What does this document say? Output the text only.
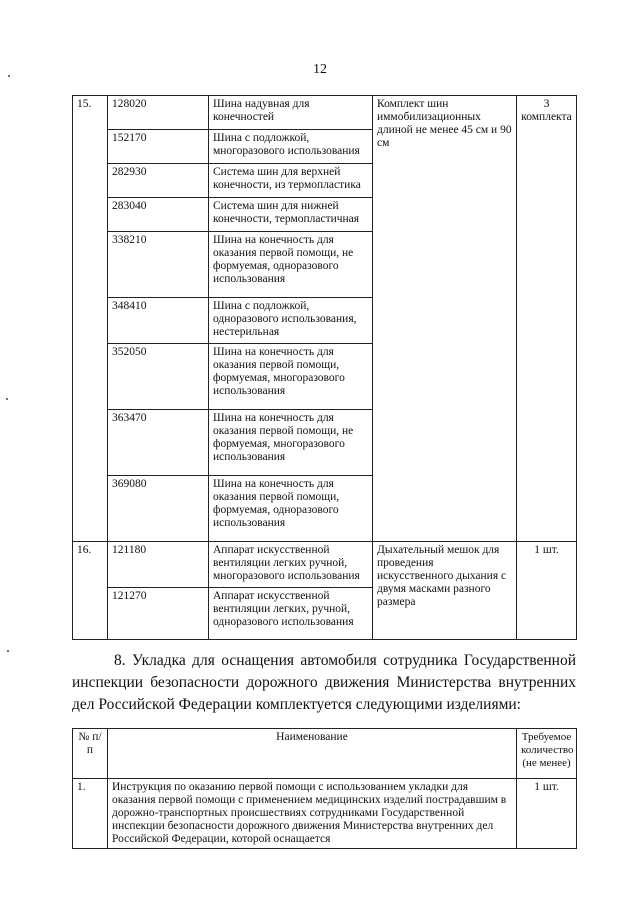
12
15.	128020	Шина надувная для конечностей	Комплект шин иммобилизационных длиной не менее 45 см и 90 см	3 комплекта
	152170	Шина с подложкой, многоразового использования		
	282930	Система шин для верхней конечности, из термопластика		
	283040	Система шин для нижней конечности, термопластичная		
	338210	Шина на конечность для оказания первой помощи, не формуемая, одноразового использования		
	348410	Шина с подложкой, одноразового использования, нестерильная		
	352050	Шина на конечность для оказания первой помощи, формуемая, многоразового использования		
	363470	Шина на конечность для оказания первой помощи, не формуемая, многоразового использования		
	369080	Шина на конечность для оказания первой помощи, формуемая, одноразового использования		
16.	121180	Аппарат искусственной вентиляции легких ручной, многоразового использования	Дыхательный мешок для проведения искусственного дыхания с двумя масками разного размера	1 шт.
	121270	Аппарат искусственной вентиляции легких, ручной, одноразового использования		
8. Укладка для оснащения автомобиля сотрудника Государственной инспекции безопасности дорожного движения Министерства внутренних дел Российской Федерации комплектуется следующими изделиями:
№ п/п	Наименование	Требуемое количество (не менее)
1.	Инструкция по оказанию первой помощи с использованием укладки для оказания первой помощи с применением медицинских изделий пострадавшим в дорожно-транспортных происшествиях сотрудниками Государственной инспекции безопасности дорожного движения Министерства внутренних дел Российской Федерации, которой оснащается	1 шт.
